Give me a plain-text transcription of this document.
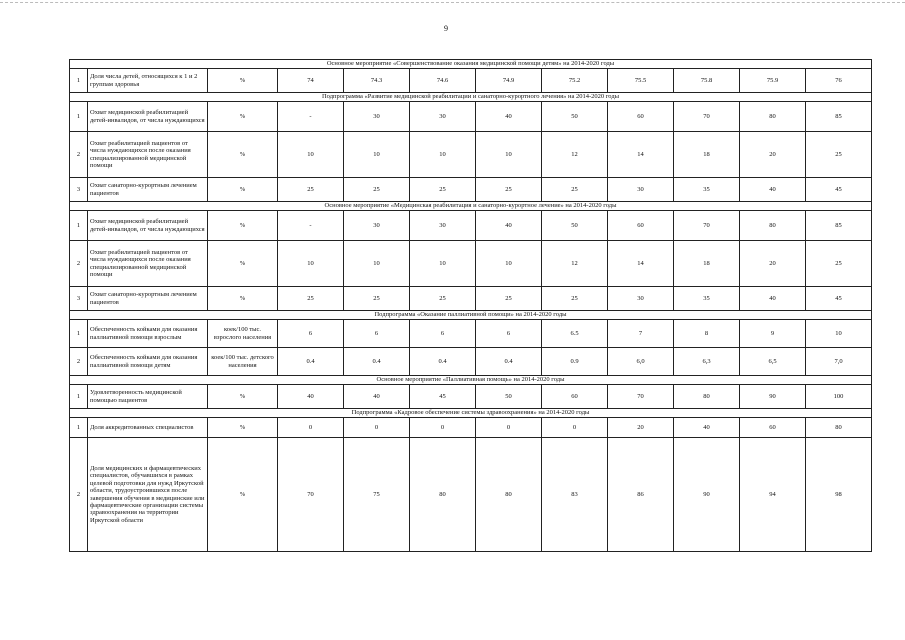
9
Основное мероприятие «Совершенствование оказания медицинской помощи детям» на 2014-2020 годы											
1	Доля числа детей, относящихся к 1 и 2 группам здоровья	%	74	74.3	74.6	74.9	75.2	75.5	75.8	75.9	76
Подпрограмма «Развитие медицинской реабилитации и санаторно-курортного лечения» на 2014-2020 годы											
1	Охват медицинской реабилитацией детей-инвалидов, от числа нуждающихся	%	-	30	30	40	50	60	70	80	85
2	Охват реабилитацией пациентов от числа нуждающихся после оказания специализированной медицинской помощи	%	10	10	10	10	12	14	18	20	25
3	Охват санаторно-курортным лечением пациентов	%	25	25	25	25	25	30	35	40	45
Основное мероприятие «Медицинская реабилитация и санаторно-курортное лечение» на 2014-2020 годы											
1	Охват медицинской реабилитацией детей-инвалидов, от числа нуждающихся	%	-	30	30	40	50	60	70	80	85
2	Охват реабилитацией пациентов от числа нуждающихся после оказания специализированной медицинской помощи	%	10	10	10	10	12	14	18	20	25
3	Охват санаторно-курортным лечением пациентов	%	25	25	25	25	25	30	35	40	45
Подпрограмма «Оказание паллиативной помощи» на 2014-2020 годы											
1	Обеспеченность койками для оказания паллиативной помощи взрослым	коек/100 тыс. взрослого населения	6	6	6	6	6.5	7	8	9	10
2	Обеспеченность койками для оказания паллиативной помощи детям	коек/100 тыс. детского населения	0.4	0.4	0.4	0.4	0.9	6,0	6,3	6,5	7,0
Основное мероприятие «Паллиативная помощь» на 2014-2020 годы											
1	Удовлетворенность медицинской помощью пациентов	%	40	40	45	50	60	70	80	90	100
Подпрограмма «Кадровое обеспечение системы здравоохранения» на 2014-2020 годы											
1	Доля аккредитованных специалистов	%	0	0	0	0	0	20	40	60	80
2	Доля медицинских и фармацевтических специалистов, обучавшихся в рамках целевой подготовки для нужд Иркутской области, трудоустроившихся после завершения обучения в медицинские или фармацевтические организации системы здравоохранения на территории Иркутской области	%	70	75	80	80	83	86	90	94	98
